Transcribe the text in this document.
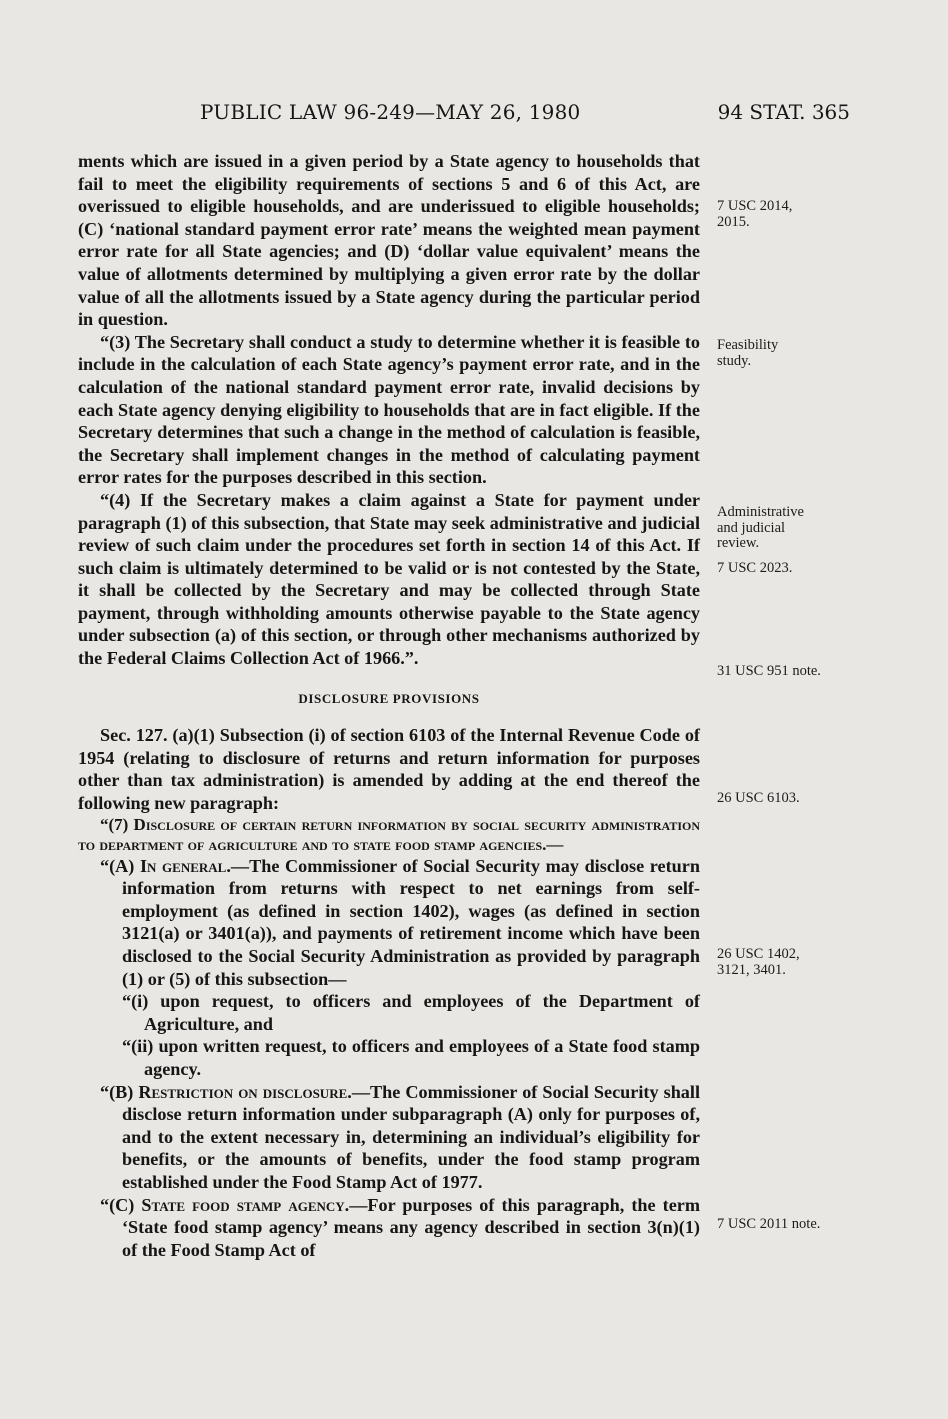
PUBLIC LAW 96-249—MAY 26, 1980	94 STAT. 365

ments which are issued in a given period by a State agency to households that fail to meet the eligibility requirements of sections 5 and 6 of this Act, are overissued to eligible households, and are underissued to eligible households; (C) ‘national standard payment error rate’ means the weighted mean payment error rate for all State agencies; and (D) ‘dollar value equivalent’ means the value of allotments determined by multiplying a given error rate by the dollar value of all the allotments issued by a State agency during the particular period in question.

“(3) The Secretary shall conduct a study to determine whether it is feasible to include in the calculation of each State agency’s payment error rate, and in the calculation of the national standard payment error rate, invalid decisions by each State agency denying eligibility to households that are in fact eligible. If the Secretary determines that such a change in the method of calculation is feasible, the Secretary shall implement changes in the method of calculating payment error rates for the purposes described in this section.

“(4) If the Secretary makes a claim against a State for payment under paragraph (1) of this subsection, that State may seek administrative and judicial review of such claim under the procedures set forth in section 14 of this Act. If such claim is ultimately determined to be valid or is not contested by the State, it shall be collected by the Secretary and may be collected through State payment, through withholding amounts otherwise payable to the State agency under subsection (a) of this section, or through other mechanisms authorized by the Federal Claims Collection Act of 1966.”.

DISCLOSURE PROVISIONS

Sec. 127. (a)(1) Subsection (i) of section 6103 of the Internal Revenue Code of 1954 (relating to disclosure of returns and return information for purposes other than tax administration) is amended by adding at the end thereof the following new paragraph:

“(7) Disclosure of certain return information by social security administration to department of agriculture and to state food stamp agencies.—

“(A) In general.—The Commissioner of Social Security may disclose return information from returns with respect to net earnings from self-employment (as defined in section 1402), wages (as defined in section 3121(a) or 3401(a)), and payments of retirement income which have been disclosed to the Social Security Administration as provided by paragraph (1) or (5) of this subsection—

“(i) upon request, to officers and employees of the Department of Agriculture, and

“(ii) upon written request, to officers and employees of a State food stamp agency.

“(B) Restriction on disclosure.—The Commissioner of Social Security shall disclose return information under subparagraph (A) only for purposes of, and to the extent necessary in, determining an individual’s eligibility for benefits, or the amounts of benefits, under the food stamp program established under the Food Stamp Act of 1977.

“(C) State food stamp agency.—For purposes of this paragraph, the term ‘State food stamp agency’ means any agency described in section 3(n)(1) of the Food Stamp Act of

7 USC 2014,
2015.
Feasibility
study.
Administrative
and judicial
review.
7 USC 2023.
31 USC 951 note.
26 USC 6103.
26 USC 1402,
3121, 3401.
7 USC 2011 note.
